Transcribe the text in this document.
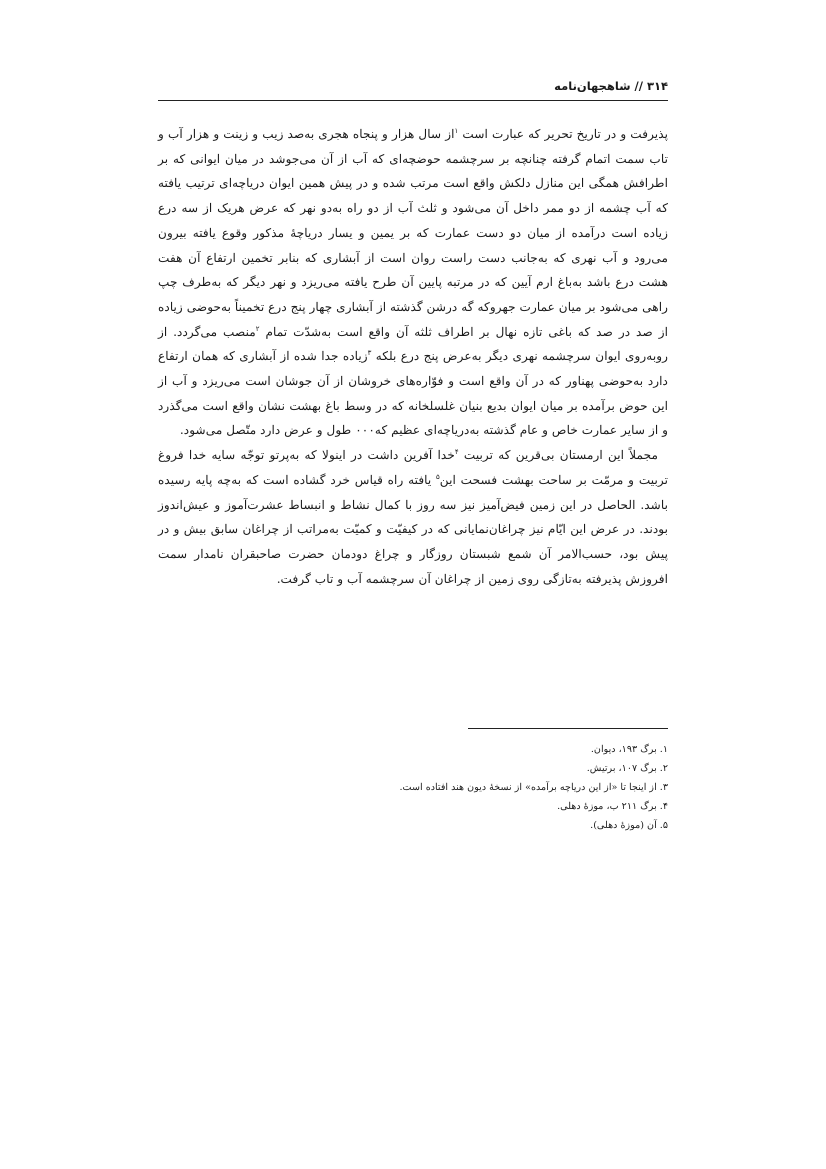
۳۱۴ // شاهجهان‌نامه

پذیرفت و در تاریخ تحریر که عبارت است $^۱$از سال هزار و پنجاه هجری به‌صد زیب و زینت و هزار آب و تاب سمت اتمام گرفته چنانچه بر سرچشمه حوضچه‌ای که آب از آن می‌جوشد در میان ایوانی که بر اطرافش همگی این منازل دلکش واقع است مرتب شده و در پیش همین ایوان دریاچه‌ای ترتیب یافته که آب چشمه از دو ممر داخل آن می‌شود و ثلث آب از دو راه به‌دو نهر که عرض هریک از سه درع زیاده است درآمده از میان دو دست عمارت که بر یمین و یسار دریاچهٔ مذکور وقوع یافته بیرون می‌رود و آب نهری که به‌جانب دست راست روان است از آبشاری که بنابر تخمین ارتفاع آن هفت هشت درع باشد به‌باغ ارم آیین که در مرتبه پایین آن طرح یافته می‌ریزد و نهر دیگر که به‌طرف چپ راهی می‌شود بر میان عمارت جهروکه گه درشن گذشته از آبشاری چهار پنج درع تخمیناً به‌حوضی زیاده از صد در صد که باغی تازه نهال بر اطراف ثلثه آن واقع است به‌شدّت تمام $^۲$منصب می‌گردد. از روبه‌روی ایوان سرچشمه نهری دیگر به‌عرض پنج درع بلکه $^۳$زیاده جدا شده از آبشاری که همان ارتفاع دارد به‌حوضی پهناور که در آن واقع است و فوّاره‌های خروشان از آن جوشان است می‌ریزد و آب از این حوض برآمده بر میان ایوان بدیع بنیان غلسلخانه که در وسط باغ بهشت نشان واقع است می‌گذرد و از سایر عمارت خاص و عام گذشته به‌دریاچه‌ای عظیم که۰۰۰ طول و عرض دارد متّصل می‌شود.

مجملاً این ارمستان بی‌قرین که تربیت $^۴$خدا آفرین داشت در اینولا که به‌پرتو توجّه سایه خدا فروغ تربیت و مرمّت بر ساحت بهشت فسحت این$^۵$ یافته راه قیاس خرد گشاده است که به‌چه پایه رسیده باشد. الحاصل در این زمین فیض‌آمیز نیز سه روز با کمال نشاط و انبساط عشرت‌آموز و عیش‌اندوز بودند. در عرض این ایّام نیز چراغان‌نمایانی که در کیفیّت و کمیّت به‌مراتب از چراغان سابق بیش و در پیش بود، حسب‌الامر آن شمع شبستان روزگار و چراغ دودمان حضرت صاحبقران نامدار سمت افروزش پذیرفته به‌تازگی روی زمین از چراغان آن سرچشمه آب و تاب گرفت.

۱. برگ ۱۹۳، دیوان.
۲. برگ ۱۰۷، برتیش.
۳. از اینجا تا «از این دریاچه برآمده» از نسخهٔ دیون هند افتاده است.
۴. برگ ۲۱۱ ب، موزهٔ دهلی.
۵. آن (موزهٔ دهلی).
